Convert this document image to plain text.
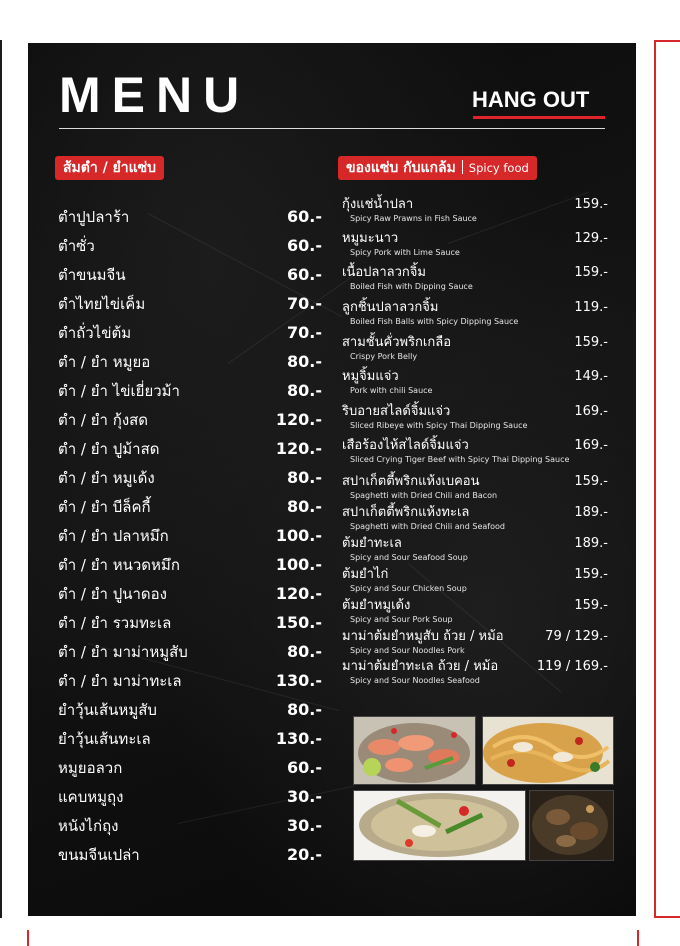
MENU	HANG OUT
ส้มตำ / ยำแซ่บ	ของแซ่บ กับแกล้ม Spicy food
ตำปูปลาร้า	60.-
ตำซั่ว	60.-
ตำขนมจีน	60.-
ตำไทยไข่เค็ม	70.-
ตำถั่วไข่ต้ม	70.-
ตำ / ยำ หมูยอ	80.-
ตำ / ยำ ไข่เยี่ยวม้า	80.-
ตำ / ยำ กุ้งสด	120.-
ตำ / ยำ ปูม้าสด	120.-
ตำ / ยำ หมูเด้ง	80.-
ตำ / ยำ บีล็คกี้	80.-
ตำ / ยำ ปลาหมึก	100.-
ตำ / ยำ หนวดหมึก	100.-
ตำ / ยำ ปูนาดอง	120.-
ตำ / ยำ รวมทะเล	150.-
ตำ / ยำ มาม่าหมูสับ	80.-
ตำ / ยำ มาม่าทะเล	130.-
ยำวุ้นเส้นหมูสับ	80.-
ยำวุ้นเส้นทะเล	130.-
หมูยอลวก	60.-
แคบหมูถุง	30.-
หนังไก่ถุง	30.-
ขนมจีนเปล่า	20.-
กุ้งแช่น้ำปลา
Spicy Raw Prawns in Fish Sauce
159.-
หมูมะนาว
Spicy Pork with Lime Sauce
129.-
เนื้อปลาลวกจิ้ม
Boiled Fish with Dipping Sauce
159.-
ลูกชิ้นปลาลวกจิ้ม
Boiled Fish Balls with Spicy Dipping Sauce
119.-
สามชั้นคั่วพริกเกลือ
Crispy Pork Belly
159.-
หมูจิ้มแจ่ว
Pork with chili Sauce
149.-
ริบอายสไลด์จิ้มแจ่ว
Sliced Ribeye with Spicy Thai Dipping Sauce
169.-
เสือร้องไห้สไลด์จิ้มแจ่ว
Sliced Crying Tiger Beef with Spicy Thai Dipping Sauce
169.-
สปาเก็ตตี้พริกแห้งเบคอน
Spaghetti with Dried Chili and Bacon
159.-
สปาเก็ตตี้พริกแห้งทะเล
Spaghetti with Dried Chili and Seafood
189.-
ต้มยำทะเล
Spicy and Sour Seafood Soup
189.-
ต้มยำไก่
Spicy and Sour Chicken Soup
159.-
ต้มยำหมูเด้ง
Spicy and Sour Pork Soup
159.-
มาม่าต้มยำหมูสับ ถ้วย / หม้อ
Spicy and Sour Noodles Pork
79 / 129.-
มาม่าต้มยำทะเล ถ้วย / หม้อ
Spicy and Sour Noodles Seafood
119 / 169.-
